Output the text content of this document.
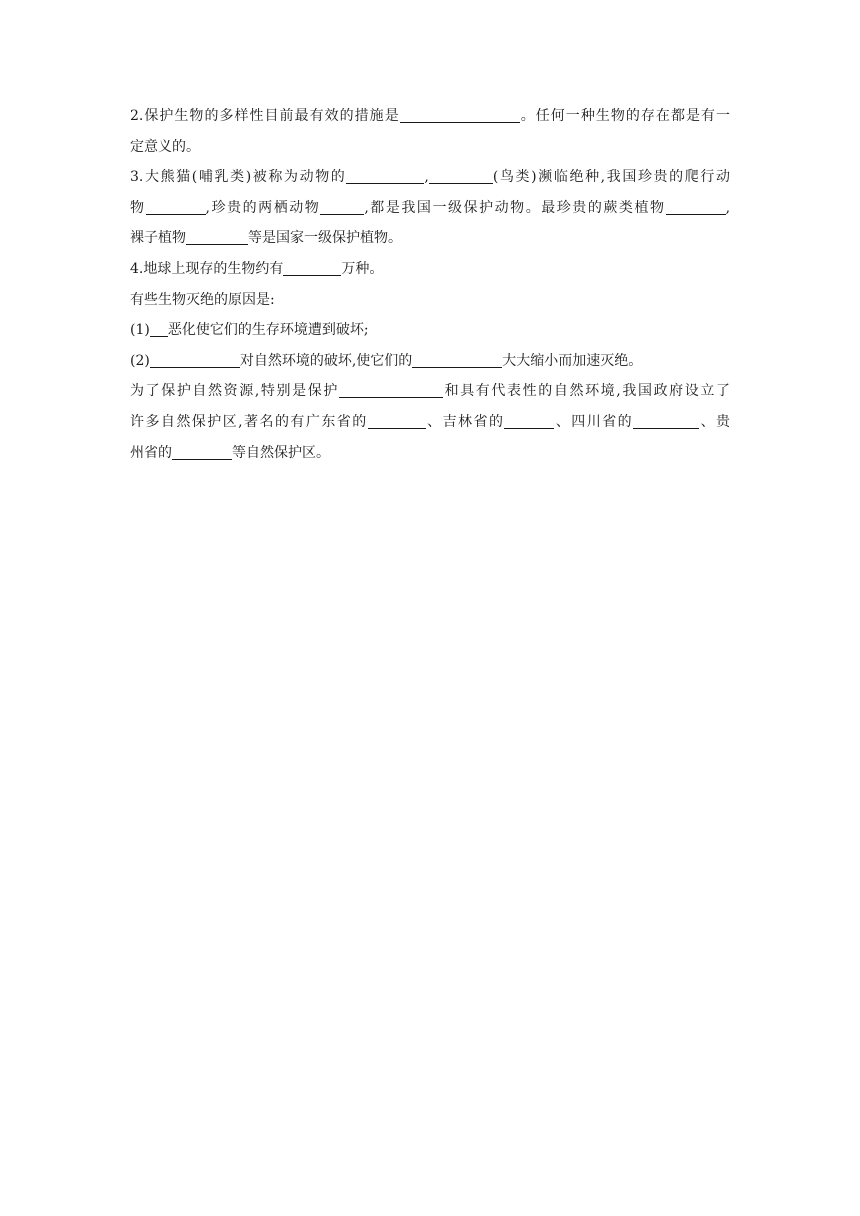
2.保护生物的多样性目前最有效的措施是	。任何一种生物的存在都是有一
定意义的。
3.大熊猫(哺乳类)被称为动物的	,	(鸟类)濒临绝种,我国珍贵的爬行动
物	,珍贵的两栖动物	,都是我国一级保护动物。最珍贵的蕨类植物	,
裸子植物	等是国家一级保护植物。
4.地球上现存的生物约有	万种。
有些生物灭绝的原因是:
(1) 恶化使它们的生存环境遭到破坏;
(2)	对自然环境的破坏,使它们的	大大缩小而加速灭绝。
为了保护自然资源,特别是保护	和具有代表性的自然环境,我国政府设立了
许多自然保护区,著名的有广东省的	、吉林省的	、四川省的	、贵
州省的	等自然保护区。
